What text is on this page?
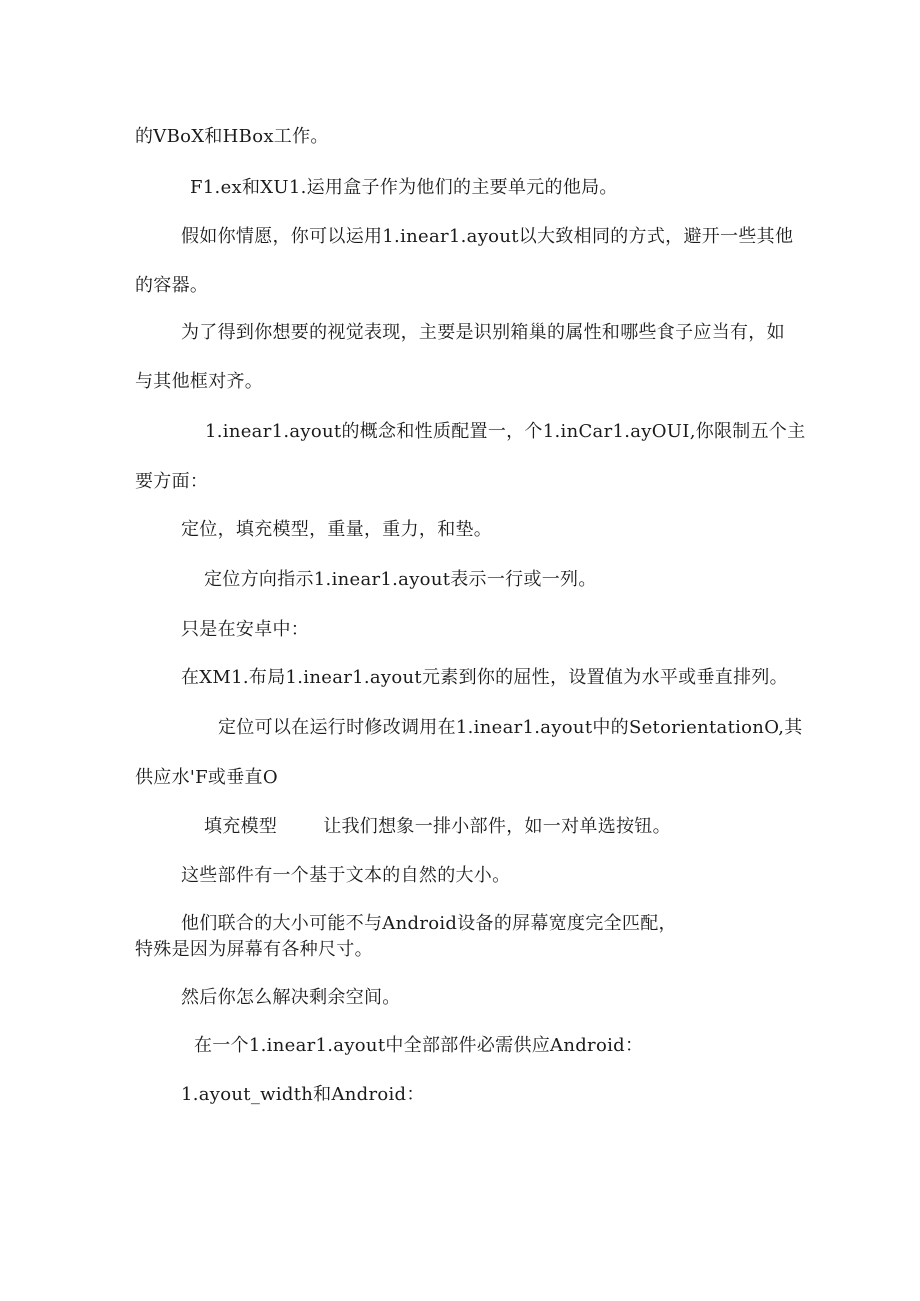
的VBoX和HBox工作。
F1.ex和XU1.运用盒子作为他们的主要单元的他局。
假如你情愿，你可以运用1.inear1.ayout以大致相同的方式，避开一些其他
的容器。
为了得到你想要的视觉表现，主要是识别箱巢的属性和哪些食子应当有，如
与其他框对齐。
1.inear1.ayout的概念和性质配置一，个1.inCar1.ayOUI,你限制五个主
要方面：
定位，填充模型，重量，重力，和垫。
定位方向指示1.inear1.ayout表示一行或一列。
只是在安卓中：
在XM1.布局1.inear1.ayout元素到你的屈性，设置值为水平或垂直排列。
定位可以在运行时修改调用在1.inear1.ayout中的SetorientationO,其
供应水'F或垂直O
填充模型	让我们想象一排小部件，如一对单选按钮。
这些部件有一个基于文本的自然的大小。
他们联合的大小可能不与Android设备的屏幕宽度完全匹配，
特殊是因为屏幕有各种尺寸。
然后你怎么解决剩余空间。
在一个1.inear1.ayout中全部部件必需供应Android：
1.ayout_width和Android：
